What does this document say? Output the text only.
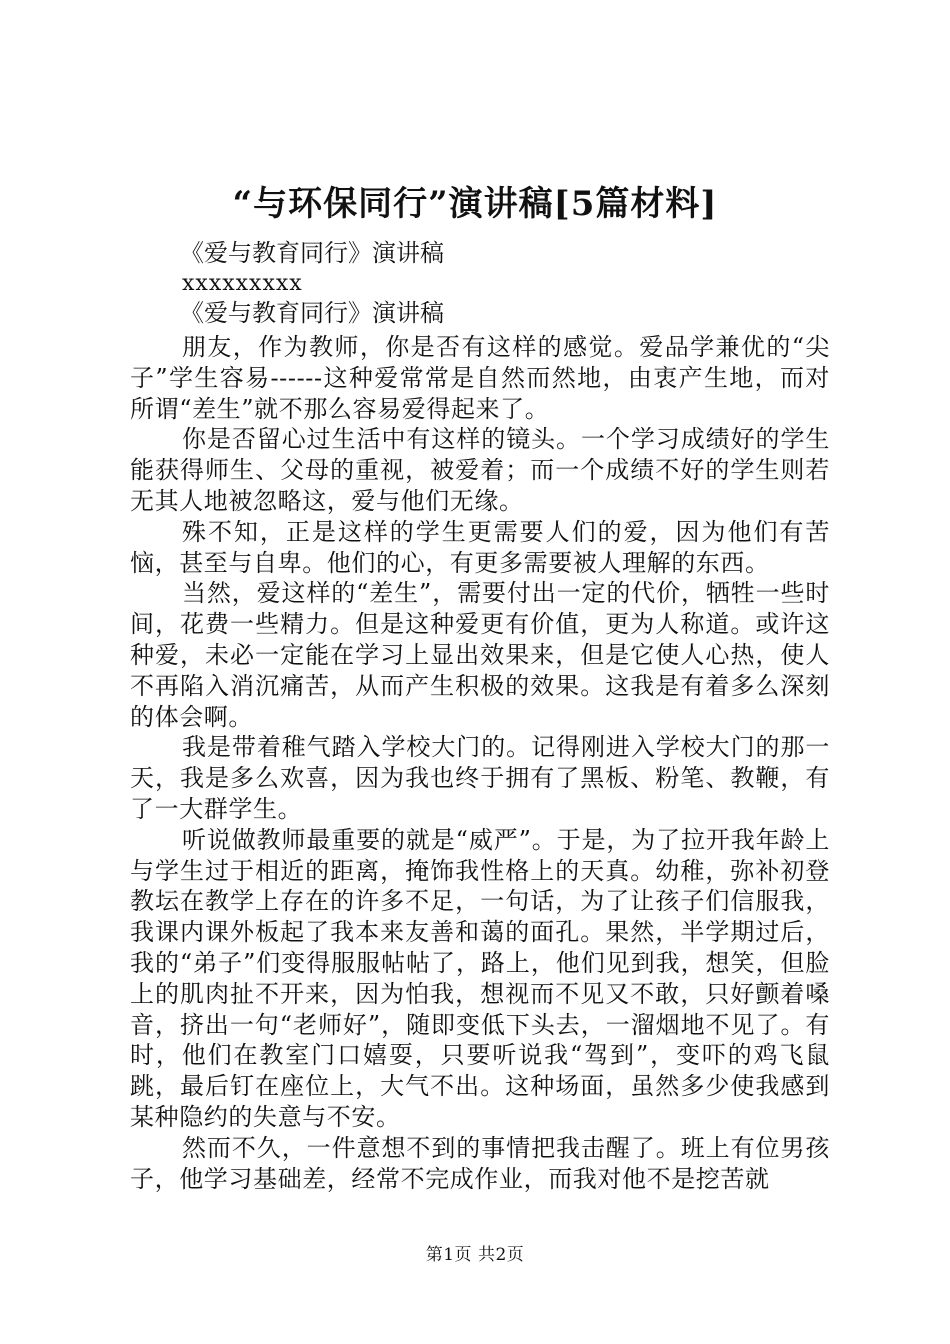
“与环保同行”演讲稿[5篇材料]
《爱与教育同行》演讲稿
xxxxxxxxx
《爱与教育同行》演讲稿

朋友，作为教师，你是否有这样的感觉。爱品学兼优的“尖子”学生容易------这种爱常常是自然而然地，由衷产生地，而对所谓“差生”就不那么容易爱得起来了。

你是否留心过生活中有这样的镜头。一个学习成绩好的学生能获得师生、父母的重视，被爱着；而一个成绩不好的学生则若无其人地被忽略这，爱与他们无缘。

殊不知，正是这样的学生更需要人们的爱，因为他们有苦恼，甚至与自卑。他们的心，有更多需要被人理解的东西。

当然，爱这样的“差生”，需要付出一定的代价，牺牲一些时间，花费一些精力。但是这种爱更有价值，更为人称道。或许这种爱，未必一定能在学习上显出效果来，但是它使人心热，使人不再陷入消沉痛苦，从而产生积极的效果。这我是有着多么深刻的体会啊。

我是带着稚气踏入学校大门的。记得刚进入学校大门的那一天，我是多么欢喜，因为我也终于拥有了黑板、粉笔、教鞭，有了一大群学生。

听说做教师最重要的就是“威严”。于是，为了拉开我年龄上与学生过于相近的距离，掩饰我性格上的天真。幼稚，弥补初登教坛在教学上存在的许多不足，一句话，为了让孩子们信服我，我课内课外板起了我本来友善和蔼的面孔。果然，半学期过后，我的“弟子”们变得服服帖帖了，路上，他们见到我，想笑，但脸上的肌肉扯不开来，因为怕我，想视而不见又不敢，只好颤着嗓音，挤出一句“老师好”，随即变低下头去，一溜烟地不见了。有时，他们在教室门口嬉耍，只要听说我“驾到”，变吓的鸡飞鼠跳，最后钉在座位上，大气不出。这种场面，虽然多少使我感到某种隐约的失意与不安。

然而不久，一件意想不到的事情把我击醒了。班上有位男孩子，他学习基础差，经常不完成作业，而我对他不是挖苦就

第1页 共2页
